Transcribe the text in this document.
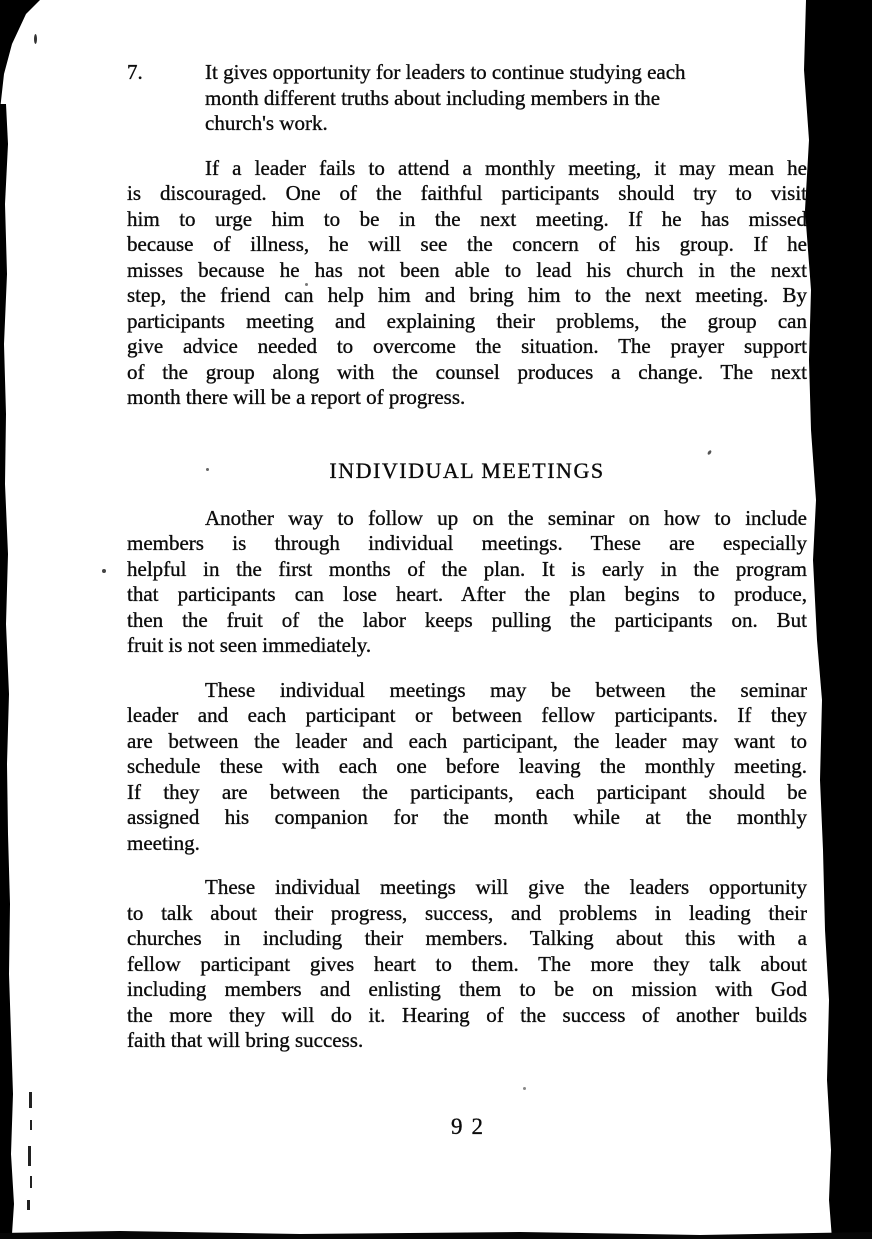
7.	It gives opportunity for leaders to continue studying each
month different truths about including members in the
church's work.
If a leader fails to attend a monthly meeting, it may mean he
is discouraged. One of the faithful participants should try to visit
him to urge him to be in the next meeting. If he has missed
because of illness, he will see the concern of his group. If he
misses because he has not been able to lead his church in the next
step, the friend can help him and bring him to the next meeting. By
participants meeting and explaining their problems, the group can
give advice needed to overcome the situation. The prayer support
of the group along with the counsel produces a change. The next
month there will be a report of progress.
INDIVIDUAL MEETINGS
Another way to follow up on the seminar on how to include
members is through individual meetings. These are especially
helpful in the first months of the plan. It is early in the program
that participants can lose heart. After the plan begins to produce,
then the fruit of the labor keeps pulling the participants on. But
fruit is not seen immediately.
These individual meetings may be between the seminar
leader and each participant or between fellow participants. If they
are between the leader and each participant, the leader may want to
schedule these with each one before leaving the monthly meeting.
If they are between the participants, each participant should be
assigned his companion for the month while at the monthly
meeting.
These individual meetings will give the leaders opportunity
to talk about their progress, success, and problems in leading their
churches in including their members. Talking about this with a
fellow participant gives heart to them. The more they talk about
including members and enlisting them to be on mission with God
the more they will do it. Hearing of the success of another builds
faith that will bring success.
92
